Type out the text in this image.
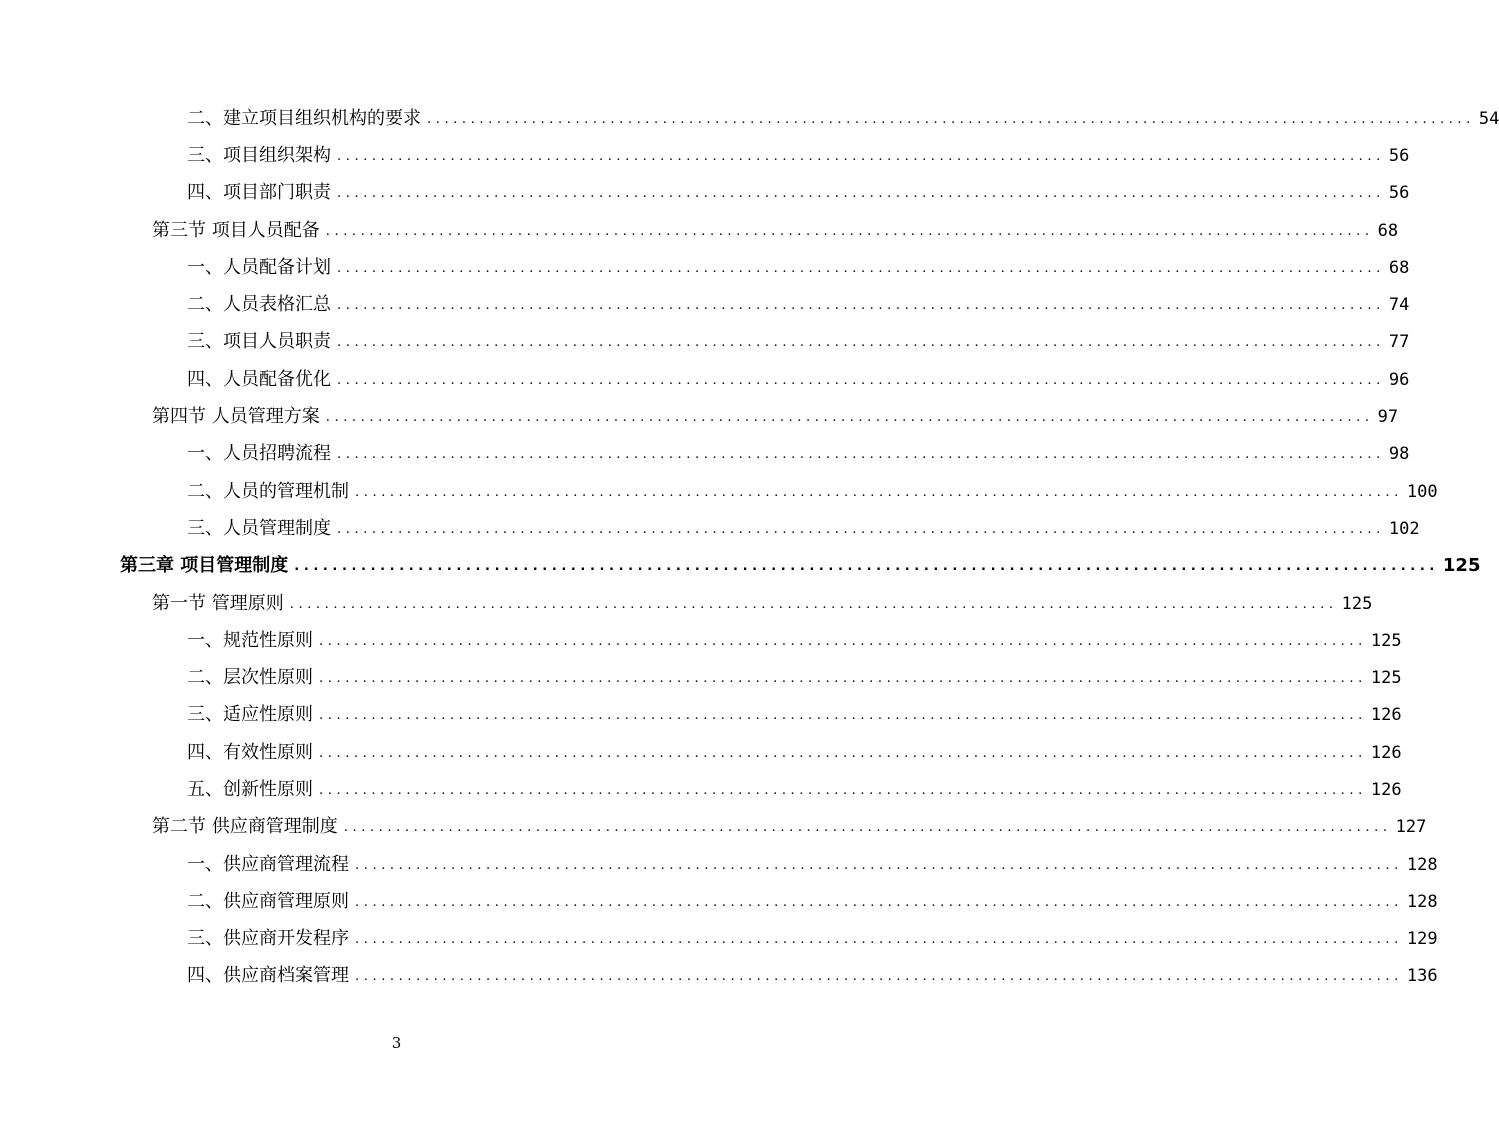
二、建立项目组织机构的要求 ........................................................................................................................ 54
三、项目组织架构 ........................................................................................................................ 56
四、项目部门职责 ........................................................................................................................ 56
第三节 项目人员配备 ........................................................................................................................ 68
一、人员配备计划 ........................................................................................................................ 68
二、人员表格汇总 ........................................................................................................................ 74
三、项目人员职责 ........................................................................................................................ 77
四、人员配备优化 ........................................................................................................................ 96
第四节 人员管理方案 ........................................................................................................................ 97
一、人员招聘流程 ........................................................................................................................ 98
二、人员的管理机制 ........................................................................................................................ 100
三、人员管理制度 ........................................................................................................................ 102
第三章 项目管理制度 ........................................................................................................................ 125
第一节 管理原则 ........................................................................................................................ 125
一、规范性原则 ........................................................................................................................ 125
二、层次性原则 ........................................................................................................................ 125
三、适应性原则 ........................................................................................................................ 126
四、有效性原则 ........................................................................................................................ 126
五、创新性原则 ........................................................................................................................ 126
第二节 供应商管理制度 ........................................................................................................................ 127
一、供应商管理流程 ........................................................................................................................ 128
二、供应商管理原则 ........................................................................................................................ 128
三、供应商开发程序 ........................................................................................................................ 129
四、供应商档案管理 ........................................................................................................................ 136
3
